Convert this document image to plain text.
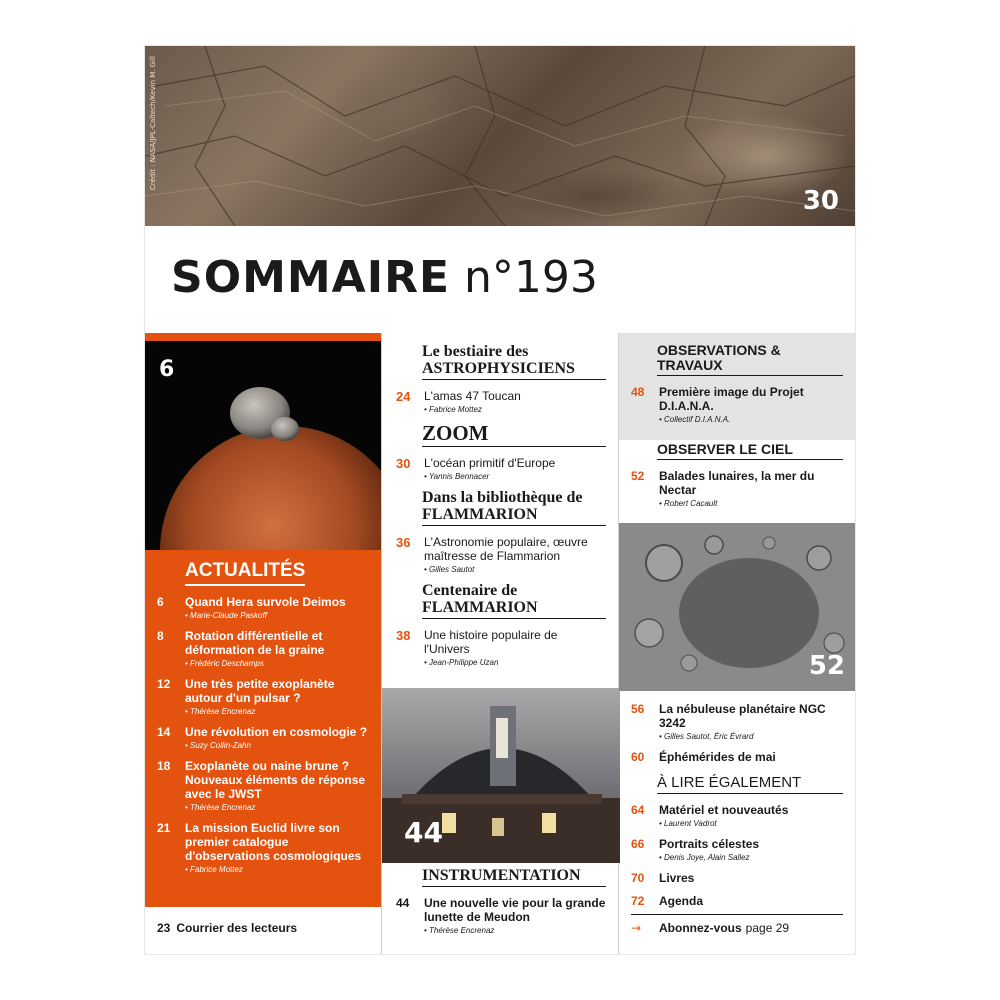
Crédit : NASA/JPL-Caltech/Kevin M. Gill
30
SOMMAIRE n°193
6
ACTUALITÉS
6	Quand Hera survole Deimos
• Marie-Claude Paskoff
8	Rotation différentielle et déformation de la graine
• Frédéric Deschamps
12	Une très petite exoplanète autour d'un pulsar ?
• Thérèse Encrenaz
14	Une révolution en cosmologie ?
• Suzy Collin-Zahn
18	Exoplanète ou naine brune ? Nouveaux éléments de réponse avec le JWST
• Thérèse Encrenaz
21	La mission Euclid livre son premier catalogue d'observations cosmologiques
• Fabrice Mottez
23 Courrier des lecteurs
Le bestiaire des ASTROPHYSICIENS
24	L'amas 47 Toucan
• Fabrice Mottez
ZOOM
30	L'océan primitif d'Europe
• Yannis Bennacer
Dans la bibliothèque de FLAMMARION
36	L'Astronomie populaire, œuvre maîtresse de Flammarion
• Gilles Sautot
Centenaire de FLAMMARION
38	Une histoire populaire de l'Univers
• Jean-Philippe Uzan
44
INSTRUMENTATION
44	Une nouvelle vie pour la grande lunette de Meudon
• Thérèse Encrenaz
OBSERVATIONS & TRAVAUX
48	Première image du Projet D.I.A.N.A.
• Collectif D.I.A.N.A.
OBSERVER LE CIEL
52	Balades lunaires, la mer du Nectar
• Robert Cacault
52
56	La nébuleuse planétaire NGC 3242
• Gilles Sautot, Éric Évrard
60	Éphémérides de mai
À LIRE ÉGALEMENT
64	Matériel et nouveautés
• Laurent Vadrot
66	Portraits célestes
• Denis Joye, Alain Sallez
70	Livres
72	Agenda
→	Abonnez-vous page 29
